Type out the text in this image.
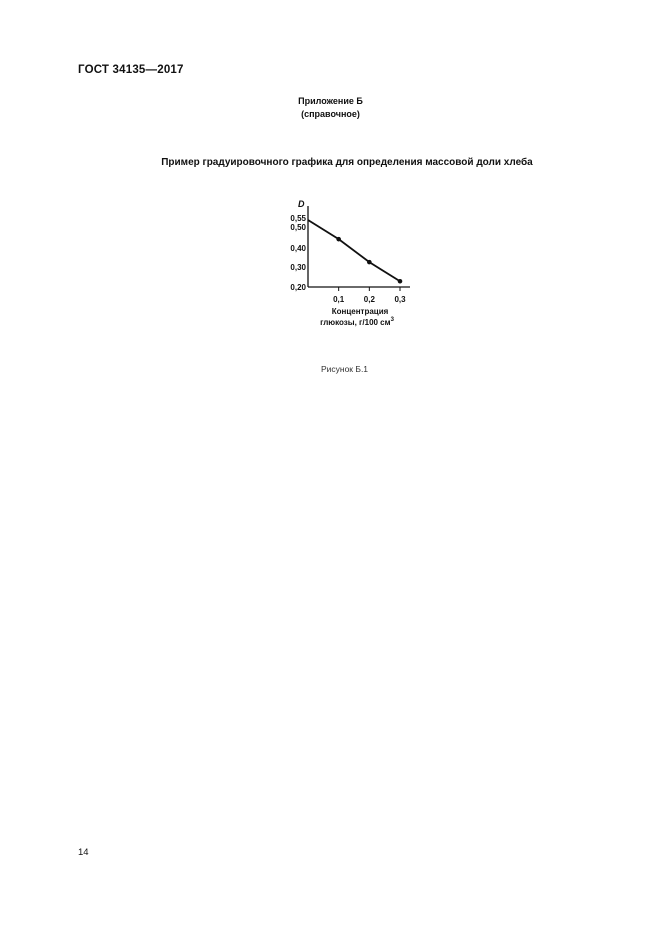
ГОСТ 34135—2017
Приложение Б
(справочное)
Пример градуировочного графика для определения массовой доли хлеба
D
0,55
0,50
0,40
0,30
0,20
0,1 0,2 0,3
Концентрация
глюкозы, г/100 $см^3$
Рисунок Б.1
14
